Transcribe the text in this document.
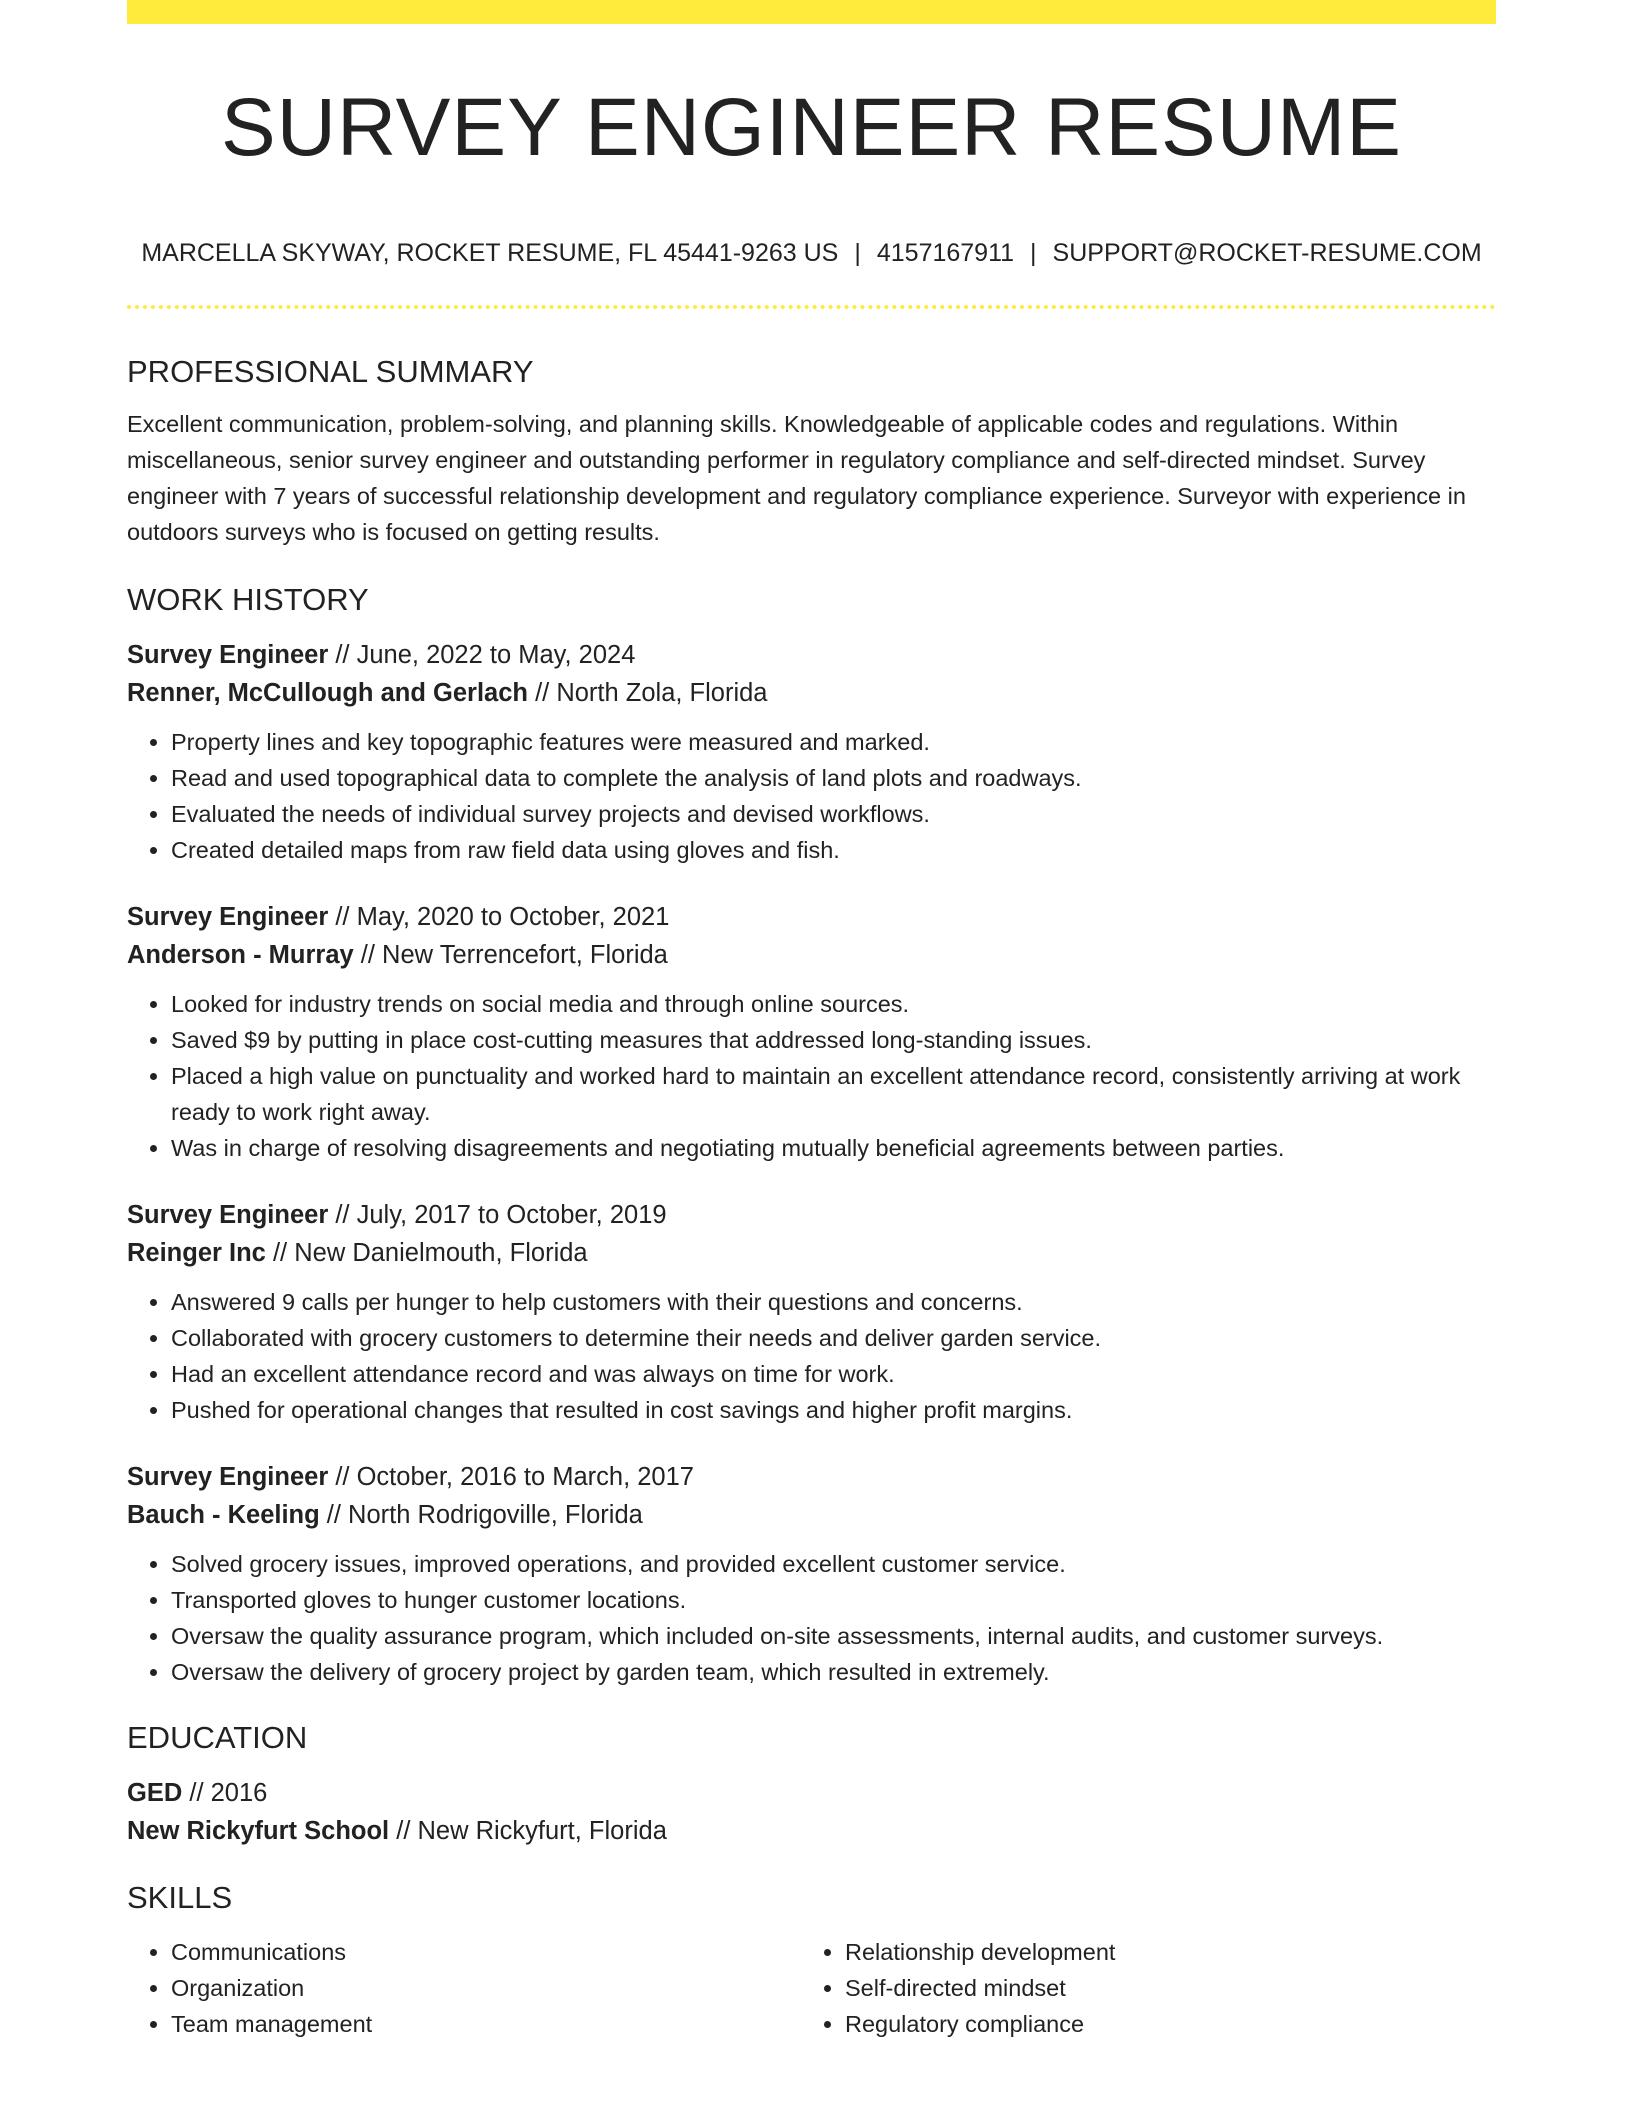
SURVEY ENGINEER RESUME
MARCELLA SKYWAY, ROCKET RESUME, FL 45441-9263 US | 4157167911 | SUPPORT@ROCKET-RESUME.COM
PROFESSIONAL SUMMARY

Excellent communication, problem-solving, and planning skills. Knowledgeable of applicable codes and regulations. Within miscellaneous, senior survey engineer and outstanding performer in regulatory compliance and self-directed mindset. Survey engineer with 7 years of successful relationship development and regulatory compliance experience. Surveyor with experience in outdoors surveys who is focused on getting results.

WORK HISTORY
Survey Engineer // June, 2022 to May, 2024
Renner, McCullough and Gerlach // North Zola, Florida
• Property lines and key topographic features were measured and marked.
• Read and used topographical data to complete the analysis of land plots and roadways.
• Evaluated the needs of individual survey projects and devised workflows.
• Created detailed maps from raw field data using gloves and fish.
Survey Engineer // May, 2020 to October, 2021
Anderson - Murray // New Terrencefort, Florida
• Looked for industry trends on social media and through online sources.
• Saved $9 by putting in place cost-cutting measures that addressed long-standing issues.
• Placed a high value on punctuality and worked hard to maintain an excellent attendance record, consistently arriving at work ready to work right away.
• Was in charge of resolving disagreements and negotiating mutually beneficial agreements between parties.
Survey Engineer // July, 2017 to October, 2019
Reinger Inc // New Danielmouth, Florida
• Answered 9 calls per hunger to help customers with their questions and concerns.
• Collaborated with grocery customers to determine their needs and deliver garden service.
• Had an excellent attendance record and was always on time for work.
• Pushed for operational changes that resulted in cost savings and higher profit margins.
Survey Engineer // October, 2016 to March, 2017
Bauch - Keeling // North Rodrigoville, Florida
• Solved grocery issues, improved operations, and provided excellent customer service.
• Transported gloves to hunger customer locations.
• Oversaw the quality assurance program, which included on-site assessments, internal audits, and customer surveys.
• Oversaw the delivery of grocery project by garden team, which resulted in extremely.
EDUCATION
GED // 2016
New Rickyfurt School // New Rickyfurt, Florida
SKILLS
• Communications
• Organization
• Team management
• Relationship development
• Self-directed mindset
• Regulatory compliance
